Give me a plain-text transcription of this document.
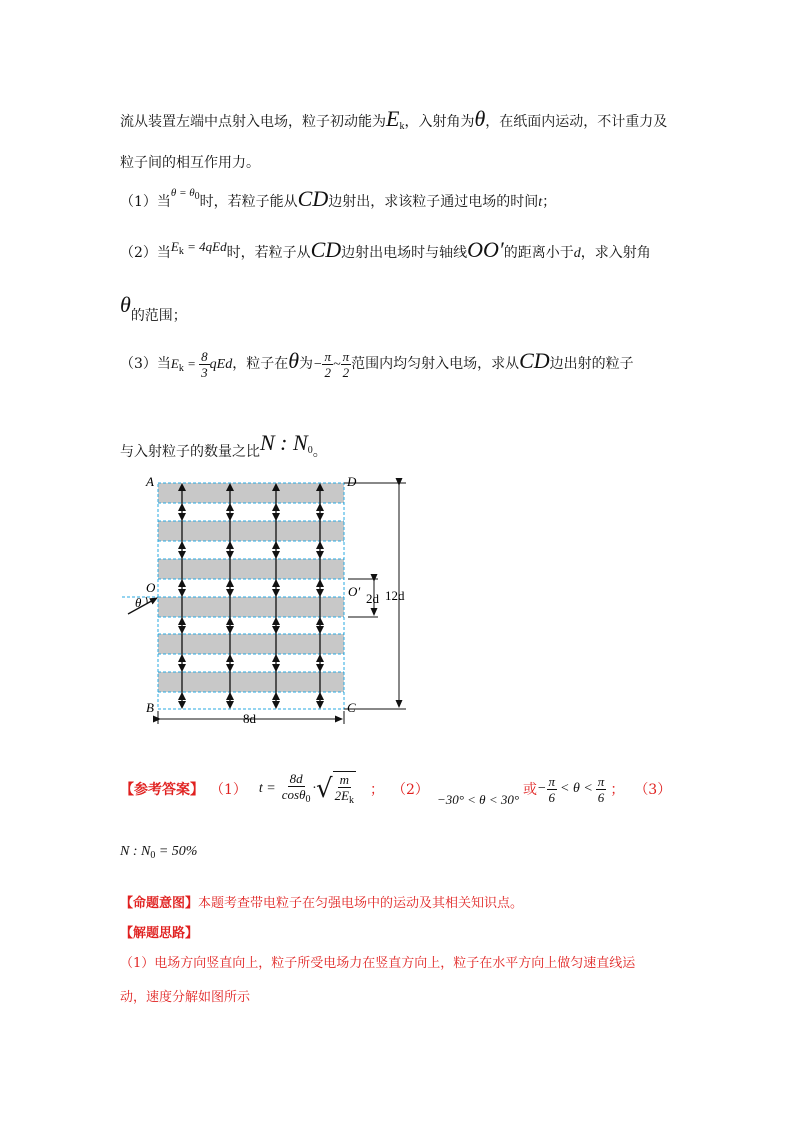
流从装置左端中点射入电场，粒子初动能为$E_k$，入射角为θ，在纸面内运动，不计重力及
粒子间的相互作用力。
（1）当$^{\theta = \theta 0}$时，若粒子能从CD边射出，求该粒子通过电场的时间t；
（2）当$E_k = 4qEd$时，若粒子从CD边射出电场时与轴线OO′的距离小于d，求入射角
θ的范围；
（3）当$E_k = \frac{8}{3}$ qEd，粒子在θ为− $\frac{\pi}{2}$ ~ $\frac{\pi}{2}$ 范围内均匀射入电场，求从CD边出射的粒子
与入射粒子的数量之比N : $N_0$。
A	D
B	C
O
θ
O′ 2d 12d
8d
【参考答案】 （1） $t = \frac{8d}{\cos\theta_0}$ · √ $\frac{m}{2E_k}$ ； （2）
−30° < θ < 30°
或 − $\frac{\pi}{6} < \theta < \frac{\pi}{6}$ ； （3）
N : $N_0 = 50\%$
【命题意图】本题考查带电粒子在匀强电场中的运动及其相关知识点。
【解题思路】
（1）电场方向竖直向上，粒子所受电场力在竖直方向上，粒子在水平方向上做匀速直线运
动，速度分解如图所示
